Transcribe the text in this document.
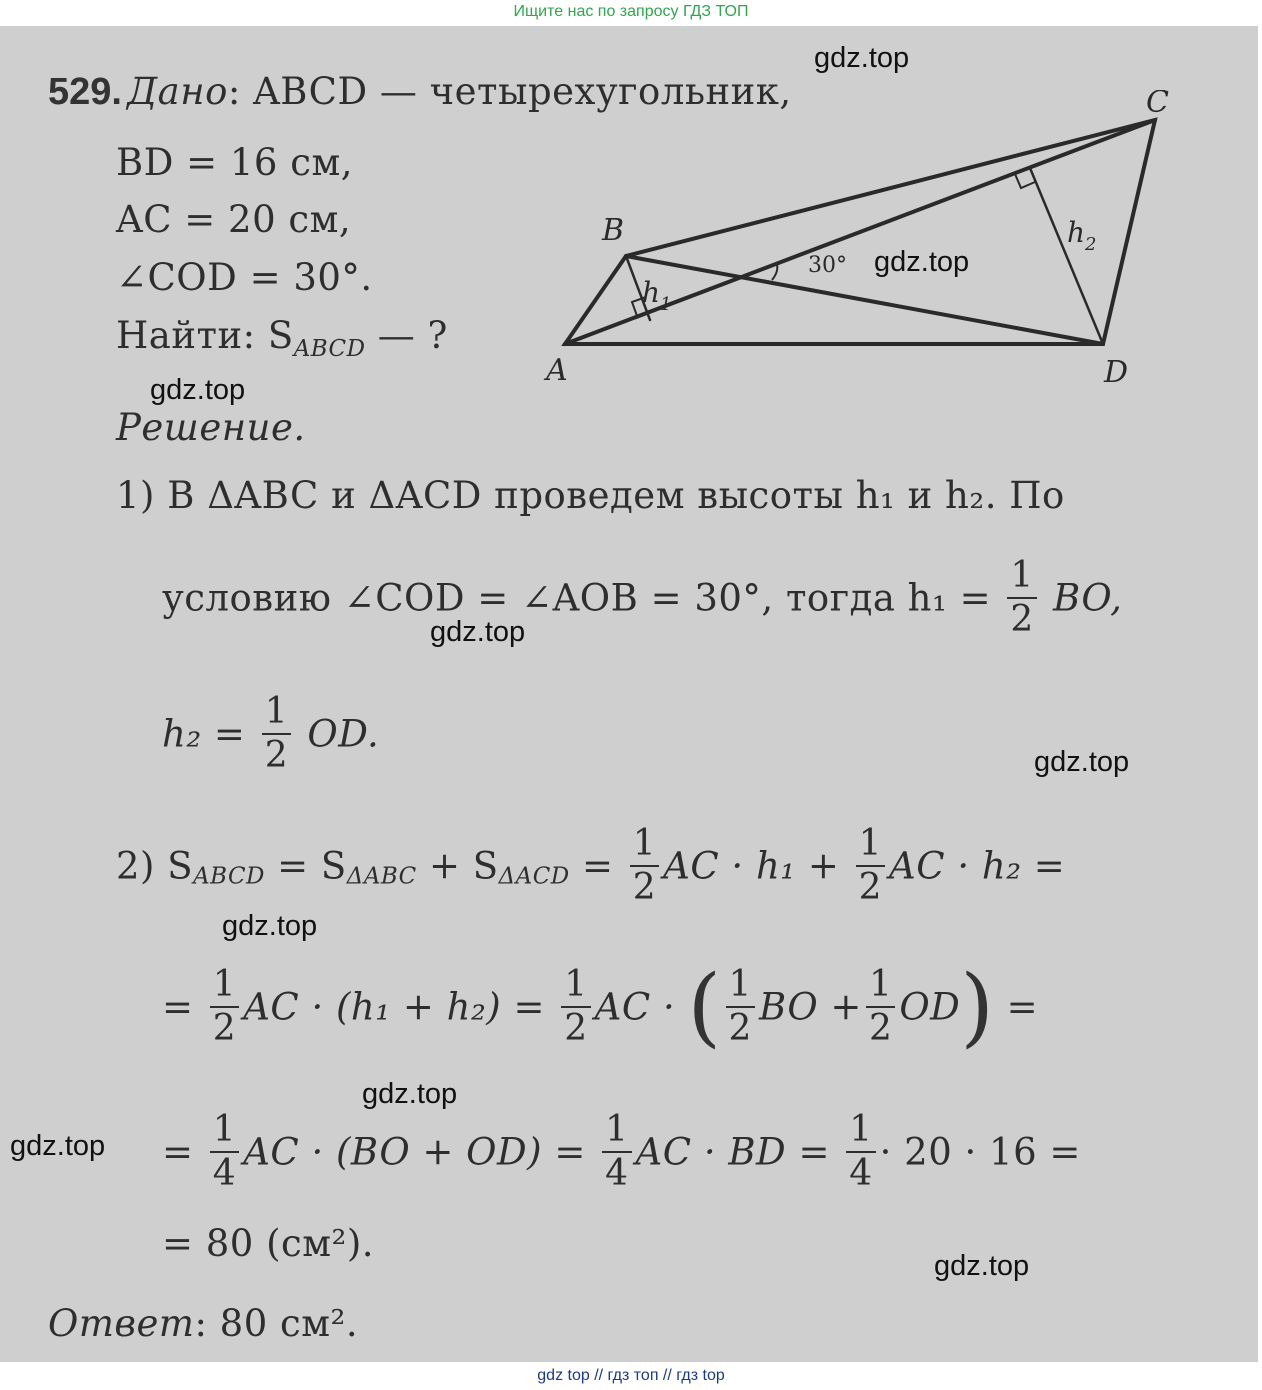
Ищите нас по запросу ГДЗ ТОП
529. Дано: ABCD — четырехугольник,
BD = 16 см,
AC = 20 см,
∠COD = 30°.
Найти: $S_{ABCD}$ — ?
Решение.
A
B
C
D
h 1
h 2
30°
1) В ΔABC и ΔACD проведем высоты h₁ и h₂. По
условию ∠COD = ∠AOB = 30°, тогда $h_1 = \frac{1}{2}$ BO,
$h_2 = \frac{1}{2}$ OD.
2) $S_{ABCD} = S_{\Delta ABC} + S_{\Delta ACD} = \frac{1}{2}$ AC · $h_1 + \frac{1}{2}$ AC · h₂ =
= $\frac{1}{2}$ AC · $(h_1 + h_2) = \frac{1}{2}$ AC · ( $\frac{1}{2}$ BO + $\frac{1}{2} OD$) =
= $\frac{1}{4}$ AC · $(BO + OD) = \frac{1}{4}$ AC · BD = $\frac{1}{4} \cdot 20 \cdot 16$ =
= 80 (см²).
Ответ: 80 см².
gdz.top
gdz.top
gdz.top
gdz.top
gdz.top
gdz.top
gdz.top
gdz.top
gdz.top
gdz top // гдз топ // гдз top
